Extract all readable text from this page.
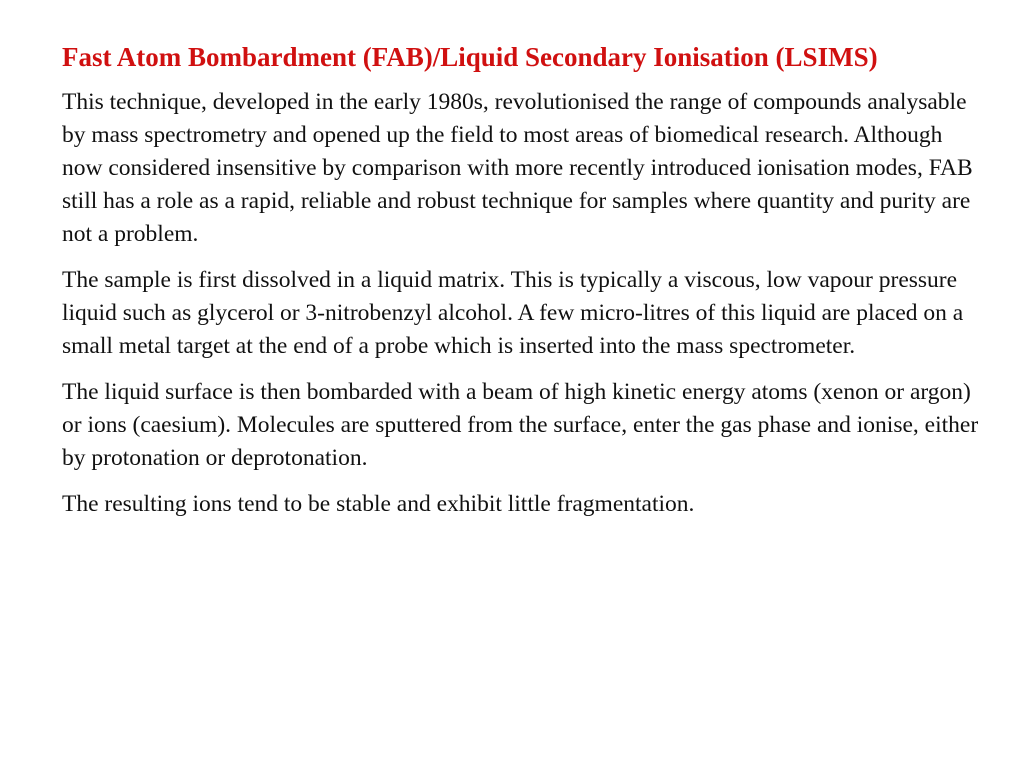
Fast Atom Bombardment (FAB)/Liquid Secondary Ionisation (LSIMS)

This technique, developed in the early 1980s, revolutionised the range of compounds analysable by mass spectrometry and opened up the field to most areas of biomedical research. Although now considered insensitive by comparison with more recently introduced ionisation modes, FAB still has a role as a rapid, reliable and robust technique for samples where quantity and purity are not a problem.

The sample is first dissolved in a liquid matrix. This is typically a viscous, low vapour pressure liquid such as glycerol or 3-nitrobenzyl alcohol. A few micro-litres of this liquid are placed on a small metal target at the end of a probe which is inserted into the mass spectrometer.

The liquid surface is then bombarded with a beam of high kinetic energy atoms (xenon or argon) or ions (caesium). Molecules are sputtered from the surface, enter the gas phase and ionise, either by protonation or deprotonation.

The resulting ions tend to be stable and exhibit little fragmentation.
